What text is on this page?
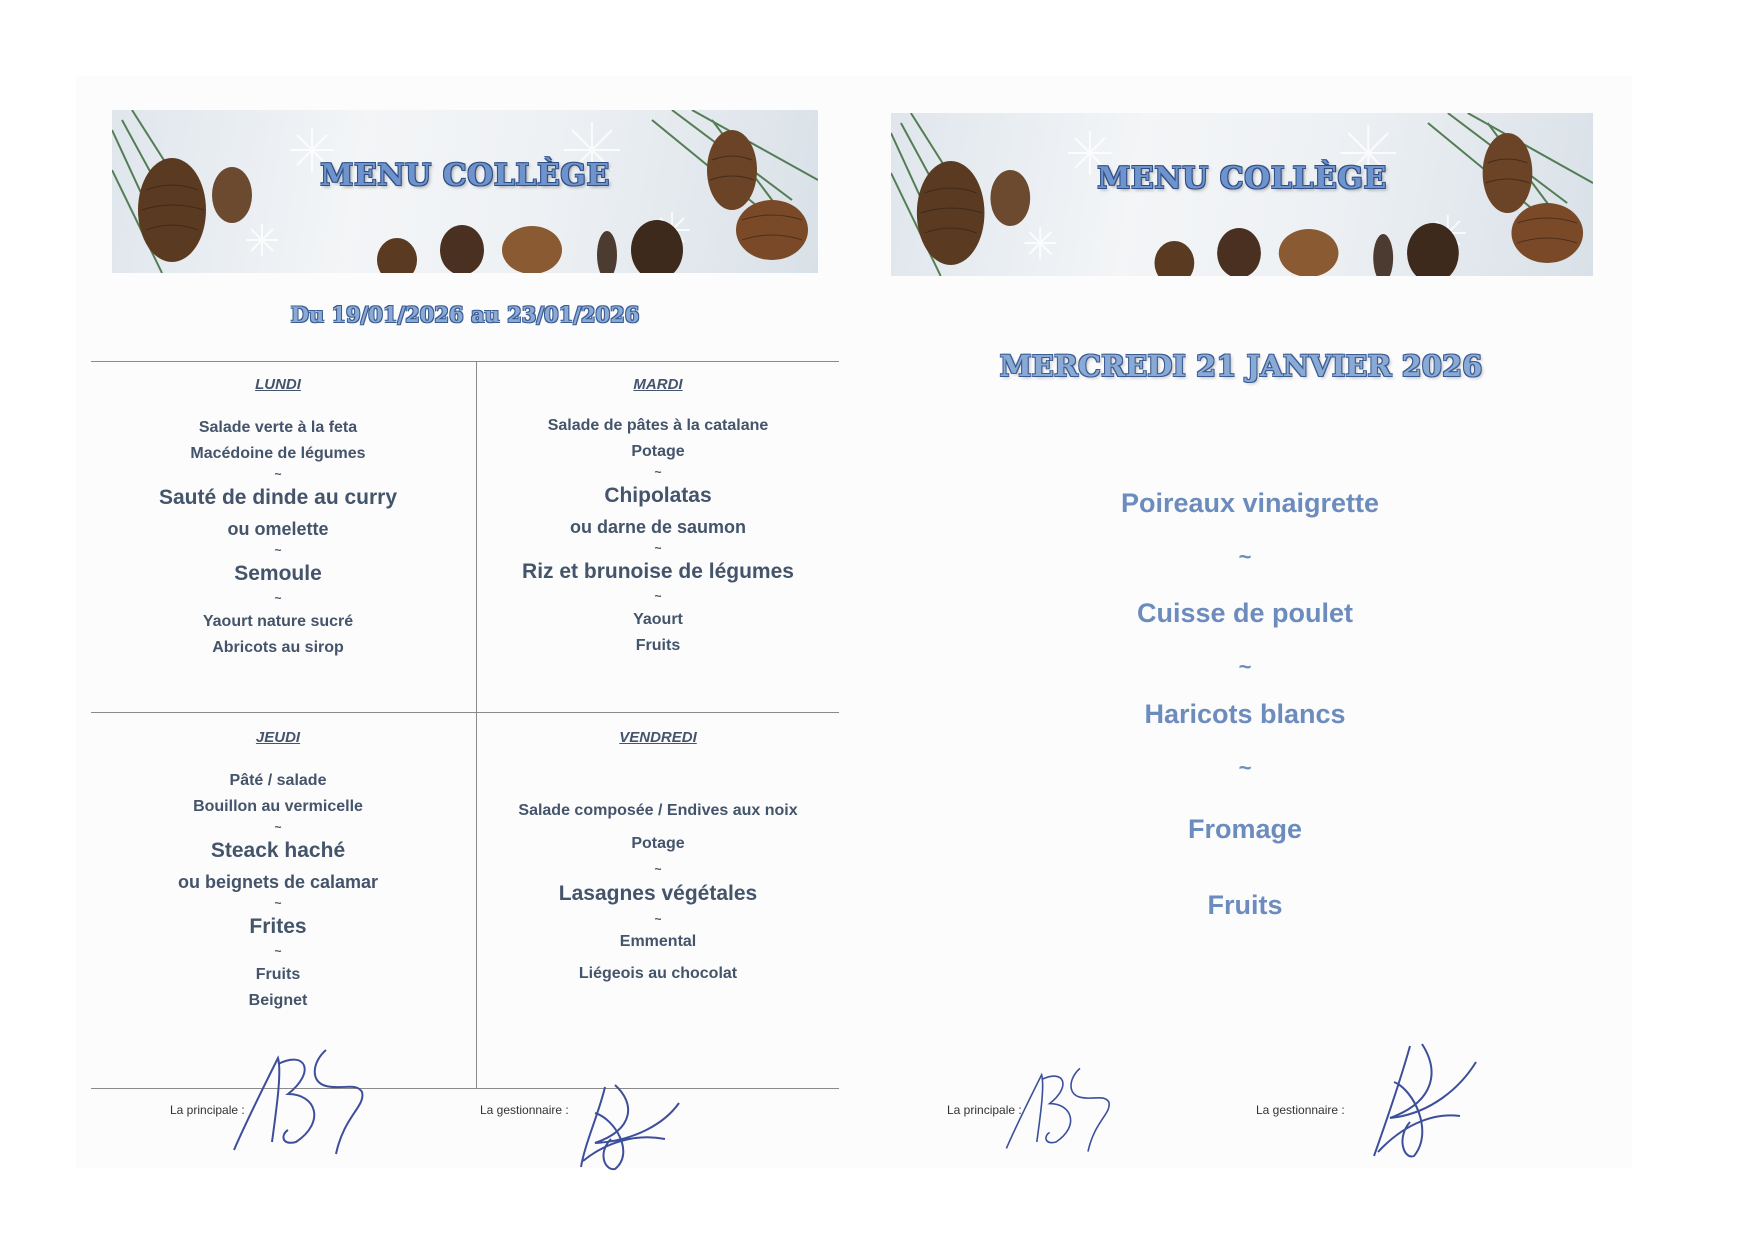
MENU COLLÈGE	MENU COLLÈGE
Du 19/01/2026 au 23/01/2026
LUNDI
Salade verte à la feta
Macédoine de légumes
~
Sauté de dinde au curry
ou omelette
~
Semoule
~
Yaourt nature sucré
Abricots au sirop
MARDI
Salade de pâtes à la catalane
Potage
~
Chipolatas
ou darne de saumon
~
Riz et brunoise de légumes
~
Yaourt
Fruits
JEUDI
Pâté / salade
Bouillon au vermicelle
~
Steack haché
ou beignets de calamar
~
Frites
~
Fruits
Beignet
VENDREDI
Salade composée / Endives aux noix
Potage
~
Lasagnes végétales
~
Emmental
Liégeois au chocolat
La principale :	La gestionnaire :
MERCREDI 21 JANVIER 2026
Poireaux vinaigrette
~
Cuisse de poulet
~
Haricots blancs
~
Fromage
Fruits
La principale :	La gestionnaire :
